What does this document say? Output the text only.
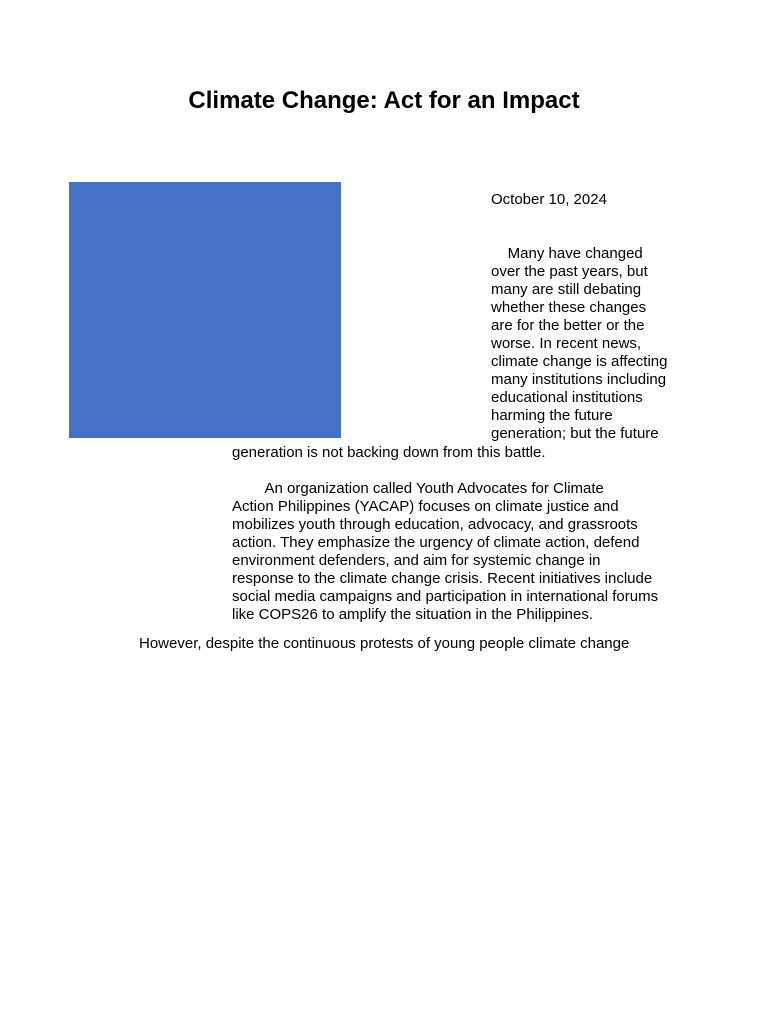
Climate Change: Act for an Impact
October 10, 2024
Many have changed
over the past years, but
many are still debating
whether these changes
are for the better or the
worse. In recent news,
climate change is affecting
many institutions including
educational institutions
harming the future
generation; but the future
generation is not backing down from this battle.
An organization called Youth Advocates for Climate
Action Philippines (YACAP) focuses on climate justice and
mobilizes youth through education, advocacy, and grassroots
action. They emphasize the urgency of climate action, defend
environment defenders, and aim for systemic change in
response to the climate change crisis. Recent initiatives include
social media campaigns and participation in international forums
like COPS26 to amplify the situation in the Philippines.
However, despite the continuous protests of young people climate change
